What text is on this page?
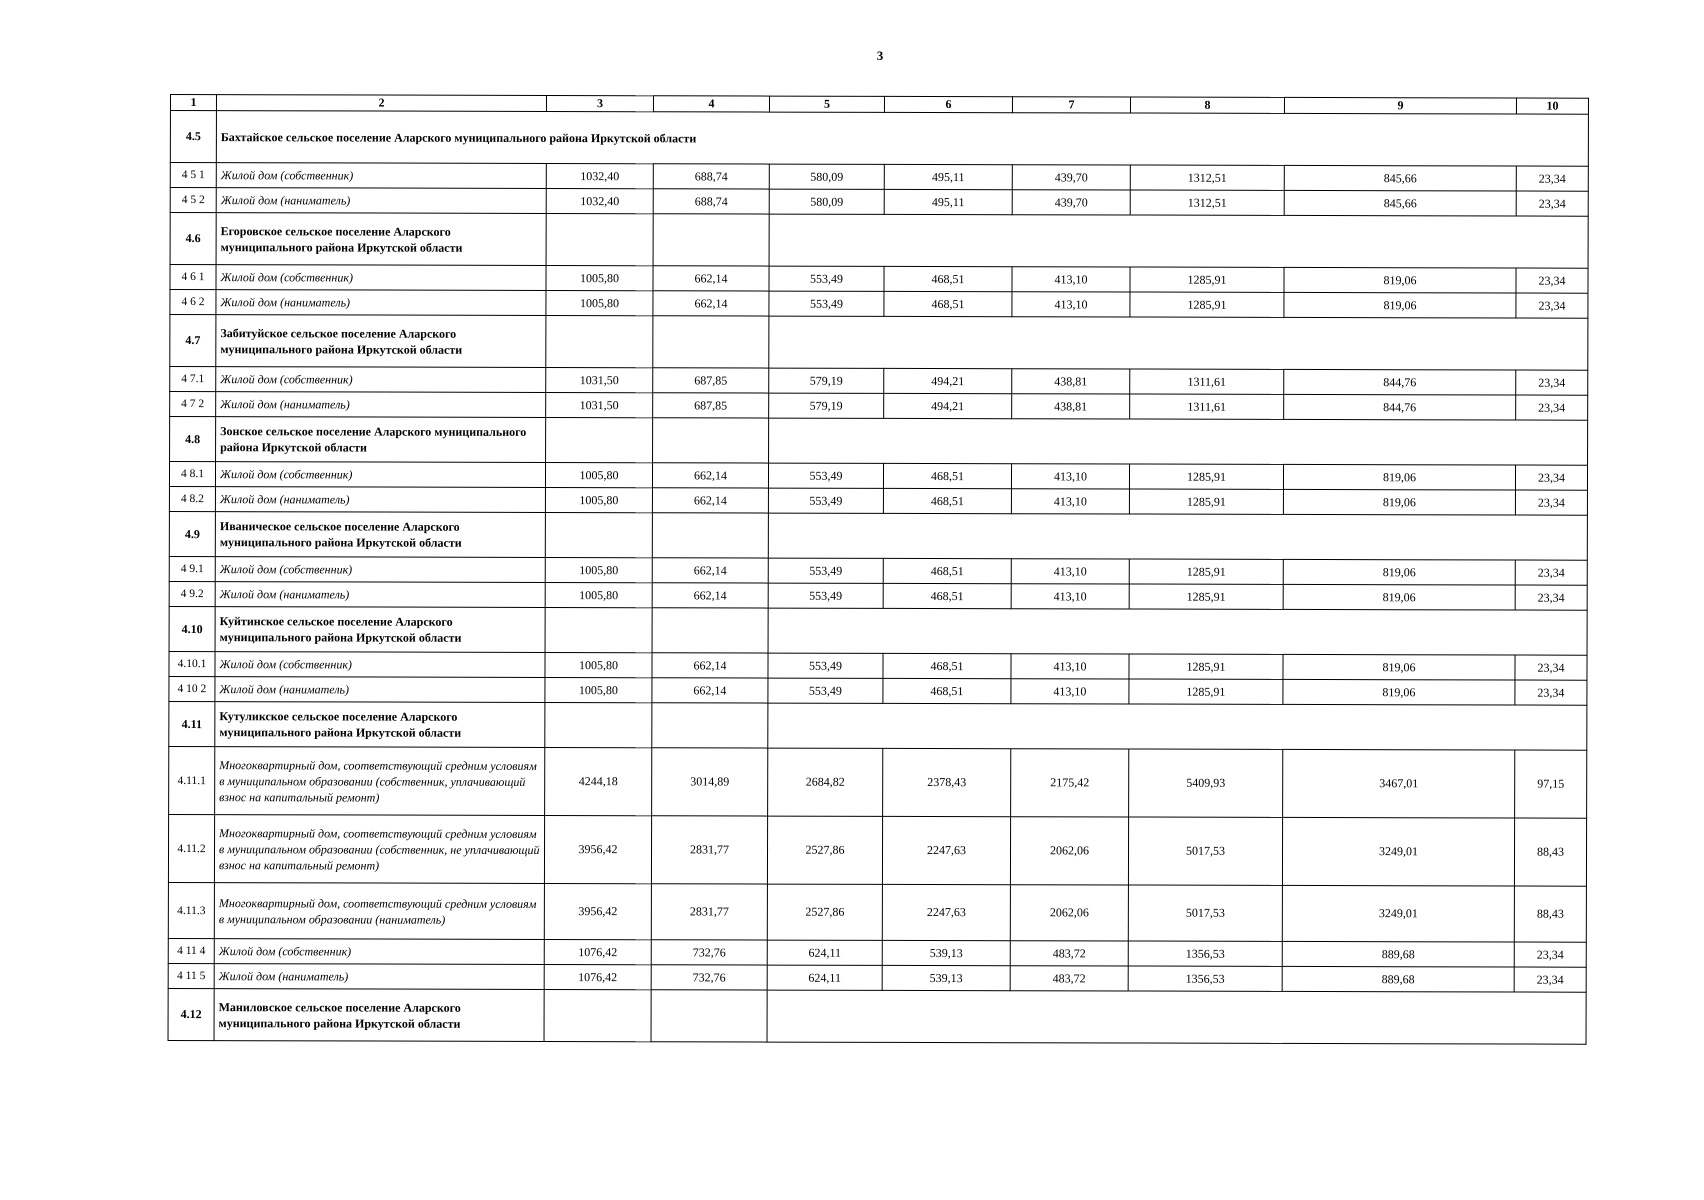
3
1	2	3	4	5	6	7	8	9	10
4.5	Бахтайское сельское поселение Аларского муниципального района Иркутской области								
4 5 1	Жилой дом (собственник)	1032,40	688,74	580,09	495,11	439,70	1312,51	845,66	23,34
4 5 2	Жилой дом (наниматель)	1032,40	688,74	580,09	495,11	439,70	1312,51	845,66	23,34
4.6	Егоровское сельское поселение Аларского муниципального района Иркутской области								
4 6 1	Жилой дом (собственник)	1005,80	662,14	553,49	468,51	413,10	1285,91	819,06	23,34
4 6 2	Жилой дом (наниматель)	1005,80	662,14	553,49	468,51	413,10	1285,91	819,06	23,34
4.7	Забитуйское сельское поселение Аларского муниципального района Иркутской области								
4 7.1	Жилой дом (собственник)	1031,50	687,85	579,19	494,21	438,81	1311,61	844,76	23,34
4 7 2	Жилой дом (наниматель)	1031,50	687,85	579,19	494,21	438,81	1311,61	844,76	23,34
4.8	Зонское сельское поселение Аларского муниципального района Иркутской области								
4 8.1	Жилой дом (собственник)	1005,80	662,14	553,49	468,51	413,10	1285,91	819,06	23,34
4 8.2	Жилой дом (наниматель)	1005,80	662,14	553,49	468,51	413,10	1285,91	819,06	23,34
4.9	Иваническое сельское поселение Аларского муниципального района Иркутской области								
4 9.1	Жилой дом (собственник)	1005,80	662,14	553,49	468,51	413,10	1285,91	819,06	23,34
4 9.2	Жилой дом (наниматель)	1005,80	662,14	553,49	468,51	413,10	1285,91	819,06	23,34
4.10	Куйтинское сельское поселение Аларского муниципального района Иркутской области								
4.10.1	Жилой дом (собственник)	1005,80	662,14	553,49	468,51	413,10	1285,91	819,06	23,34
4 10 2	Жилой дом (наниматель)	1005,80	662,14	553,49	468,51	413,10	1285,91	819,06	23,34
4.11	Кутуликское сельское поселение Аларского муниципального района Иркутской области								
4.11.1	Многоквартирный дом, соответствующий средним условиям в муниципальном образовании (собственник, уплачивающий взнос на капитальный ремонт)	4244,18	3014,89	2684,82	2378,43	2175,42	5409,93	3467,01	97,15
4.11.2	Многоквартирный дом, соответствующий средним условиям в муниципальном образовании (собственник, не уплачивающий взнос на капитальный ремонт)	3956,42	2831,77	2527,86	2247,63	2062,06	5017,53	3249,01	88,43
4.11.3	Многоквартирный дом, соответствующий средним условиям в муниципальном образовании (наниматель)	3956,42	2831,77	2527,86	2247,63	2062,06	5017,53	3249,01	88,43
4 11 4	Жилой дом (собственник)	1076,42	732,76	624,11	539,13	483,72	1356,53	889,68	23,34
4 11 5	Жилой дом (наниматель)	1076,42	732,76	624,11	539,13	483,72	1356,53	889,68	23,34
4.12	Маниловское сельское поселение Аларского муниципального района Иркутской области								
